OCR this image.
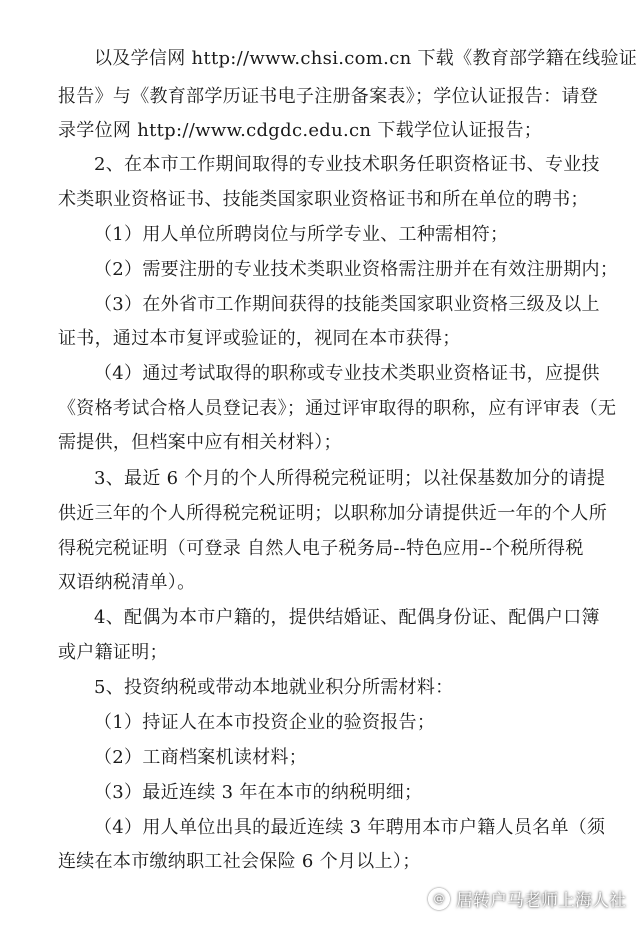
以及学信网 http://www.chsi.com.cn 下载《教育部学籍在线验证
报告》与《教育部学历证书电子注册备案表》；学位认证报告：请登
录学位网 http://www.cdgdc.edu.cn 下载学位认证报告；
2、在本市工作期间取得的专业技术职务任职资格证书、专业技
术类职业资格证书、技能类国家职业资格证书和所在单位的聘书；
（1）用人单位所聘岗位与所学专业、工种需相符；
（2）需要注册的专业技术类职业资格需注册并在有效注册期内；
（3）在外省市工作期间获得的技能类国家职业资格三级及以上
证书，通过本市复评或验证的，视同在本市获得；
（4）通过考试取得的职称或专业技术类职业资格证书，应提供
《资格考试合格人员登记表》；通过评审取得的职称，应有评审表（无
需提供，但档案中应有相关材料）；
3、最近 6 个月的个人所得税完税证明；以社保基数加分的请提
供近三年的个人所得税完税证明；以职称加分请提供近一年的个人所
得税完税证明（可登录 自然人电子税务局--特色应用--个税所得税
双语纳税清单）。
4、配偶为本市户籍的，提供结婚证、配偶身份证、配偶户口簿
或户籍证明；
5、投资纳税或带动本地就业积分所需材料：
（1）持证人在本市投资企业的验资报告；
（2）工商档案机读材料；
（3）最近连续 3 年在本市的纳税明细；
（4）用人单位出具的最近连续 3 年聘用本市户籍人员名单（须
连续在本市缴纳职工社会保险 6 个月以上）；
@ 居转户马老师上海人社
